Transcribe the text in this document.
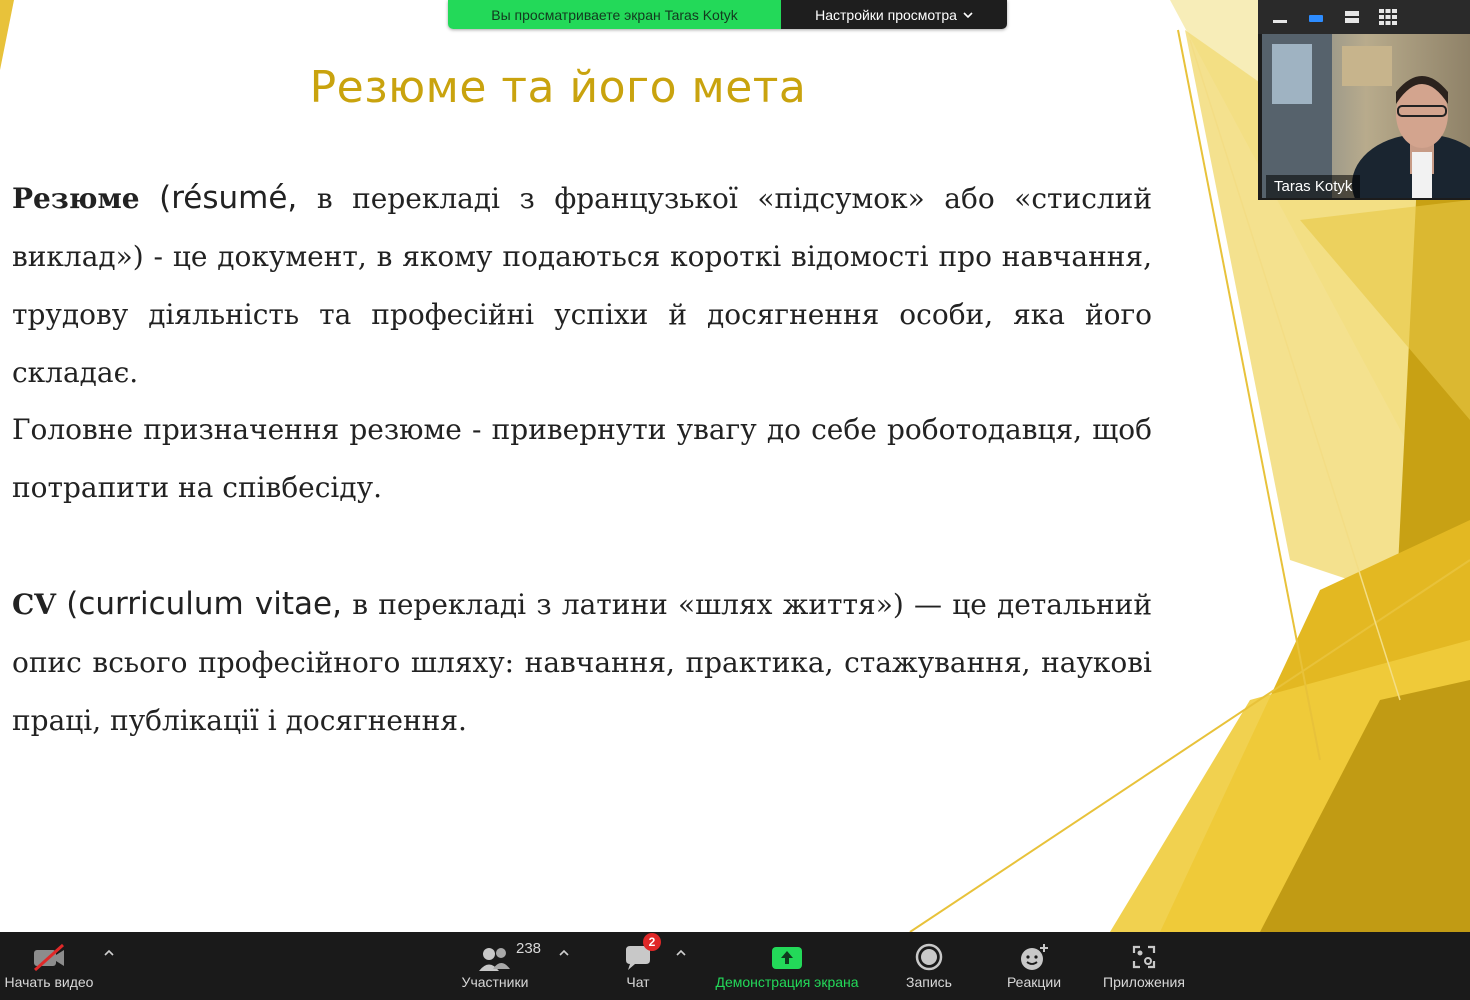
Резюме та його мета

Резюме (résumé, в перекладі з французької «підсумок» або «стислий виклад») - це документ, в якому подаються короткі відомості про навчання, трудову діяльність та професійні успіхи й досягнення особи, яка його складає.

Головне призначення резюме - привернути увагу до себе роботодавця, щоб потрапити на співбесіду.

CV (curriculum vitae, в перекладі з латини «шлях життя») — це детальний опис всього професійного шляху: навчання, практика, стажування, наукові праці, публікації і досягнення.

Вы просматриваете экран Taras Kotyk	Настройки просмотра
Taras Kotyk
Начать видео	Участники
238	2
Чат	Демонстрация экрана	Запись	Реакции	Приложения
